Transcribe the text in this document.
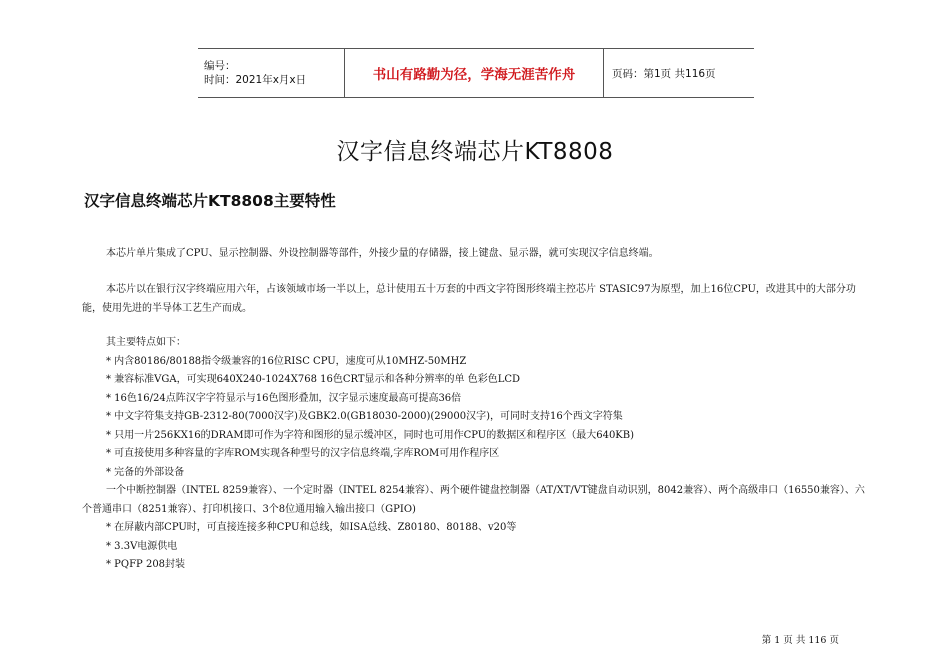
编号：
时间：2021年x月x日	书山有路勤为径，学海无涯苦作舟	页码：第1页 共116页
汉字信息终端芯片KT8808
汉字信息终端芯片KT8808主要特性
本芯片单片集成了CPU、显示控制器、外设控制器等部件，外接少量的存储器，接上键盘、显示器，就可实现汉字信息终端。
本芯片以在银行汉字终端应用六年，占该领域市场一半以上，总计使用五十万套的中西文字符图形终端主控芯片 STASIC97为原型，加上16位CPU，改进其中的大部分功能，使用先进的半导体工艺生产而成。
其主要特点如下：
* 内含80186/80188指令级兼容的16位RISC CPU，速度可从10MHZ-50MHZ
* 兼容标准VGA，可实现640X240-1024X768 16色CRT显示和各种分辨率的单 色彩色LCD
* 16色16/24点阵汉字字符显示与16色图形叠加，汉字显示速度最高可提高36倍
* 中文字符集支持GB-2312-80(7000汉字)及GBK2.0(GB18030-2000)(29000汉字)，可同时支持16个西文字符集
* 只用一片256KX16的DRAM即可作为字符和图形的显示缓冲区，同时也可用作CPU的数据区和程序区（最大640KB)
* 可直接使用多种容量的字库ROM实现各种型号的汉字信息终端,字库ROM可用作程序区
* 完备的外部设备
一个中断控制器（INTEL 8259兼容）、一个定时器（INTEL 8254兼容）、两个硬件键盘控制器（AT/XT/VT键盘自动识别，8042兼容）、两个高级串口（16550兼容）、六个普通串口（8251兼容）、打印机接口、3个8位通用输入输出接口（GPIO)
* 在屏蔽内部CPU时，可直接连接多种CPU和总线，如ISA总线、Z80180、80188、v20等
* 3.3V电源供电
* PQFP 208封装
第 1 页 共 116 页
